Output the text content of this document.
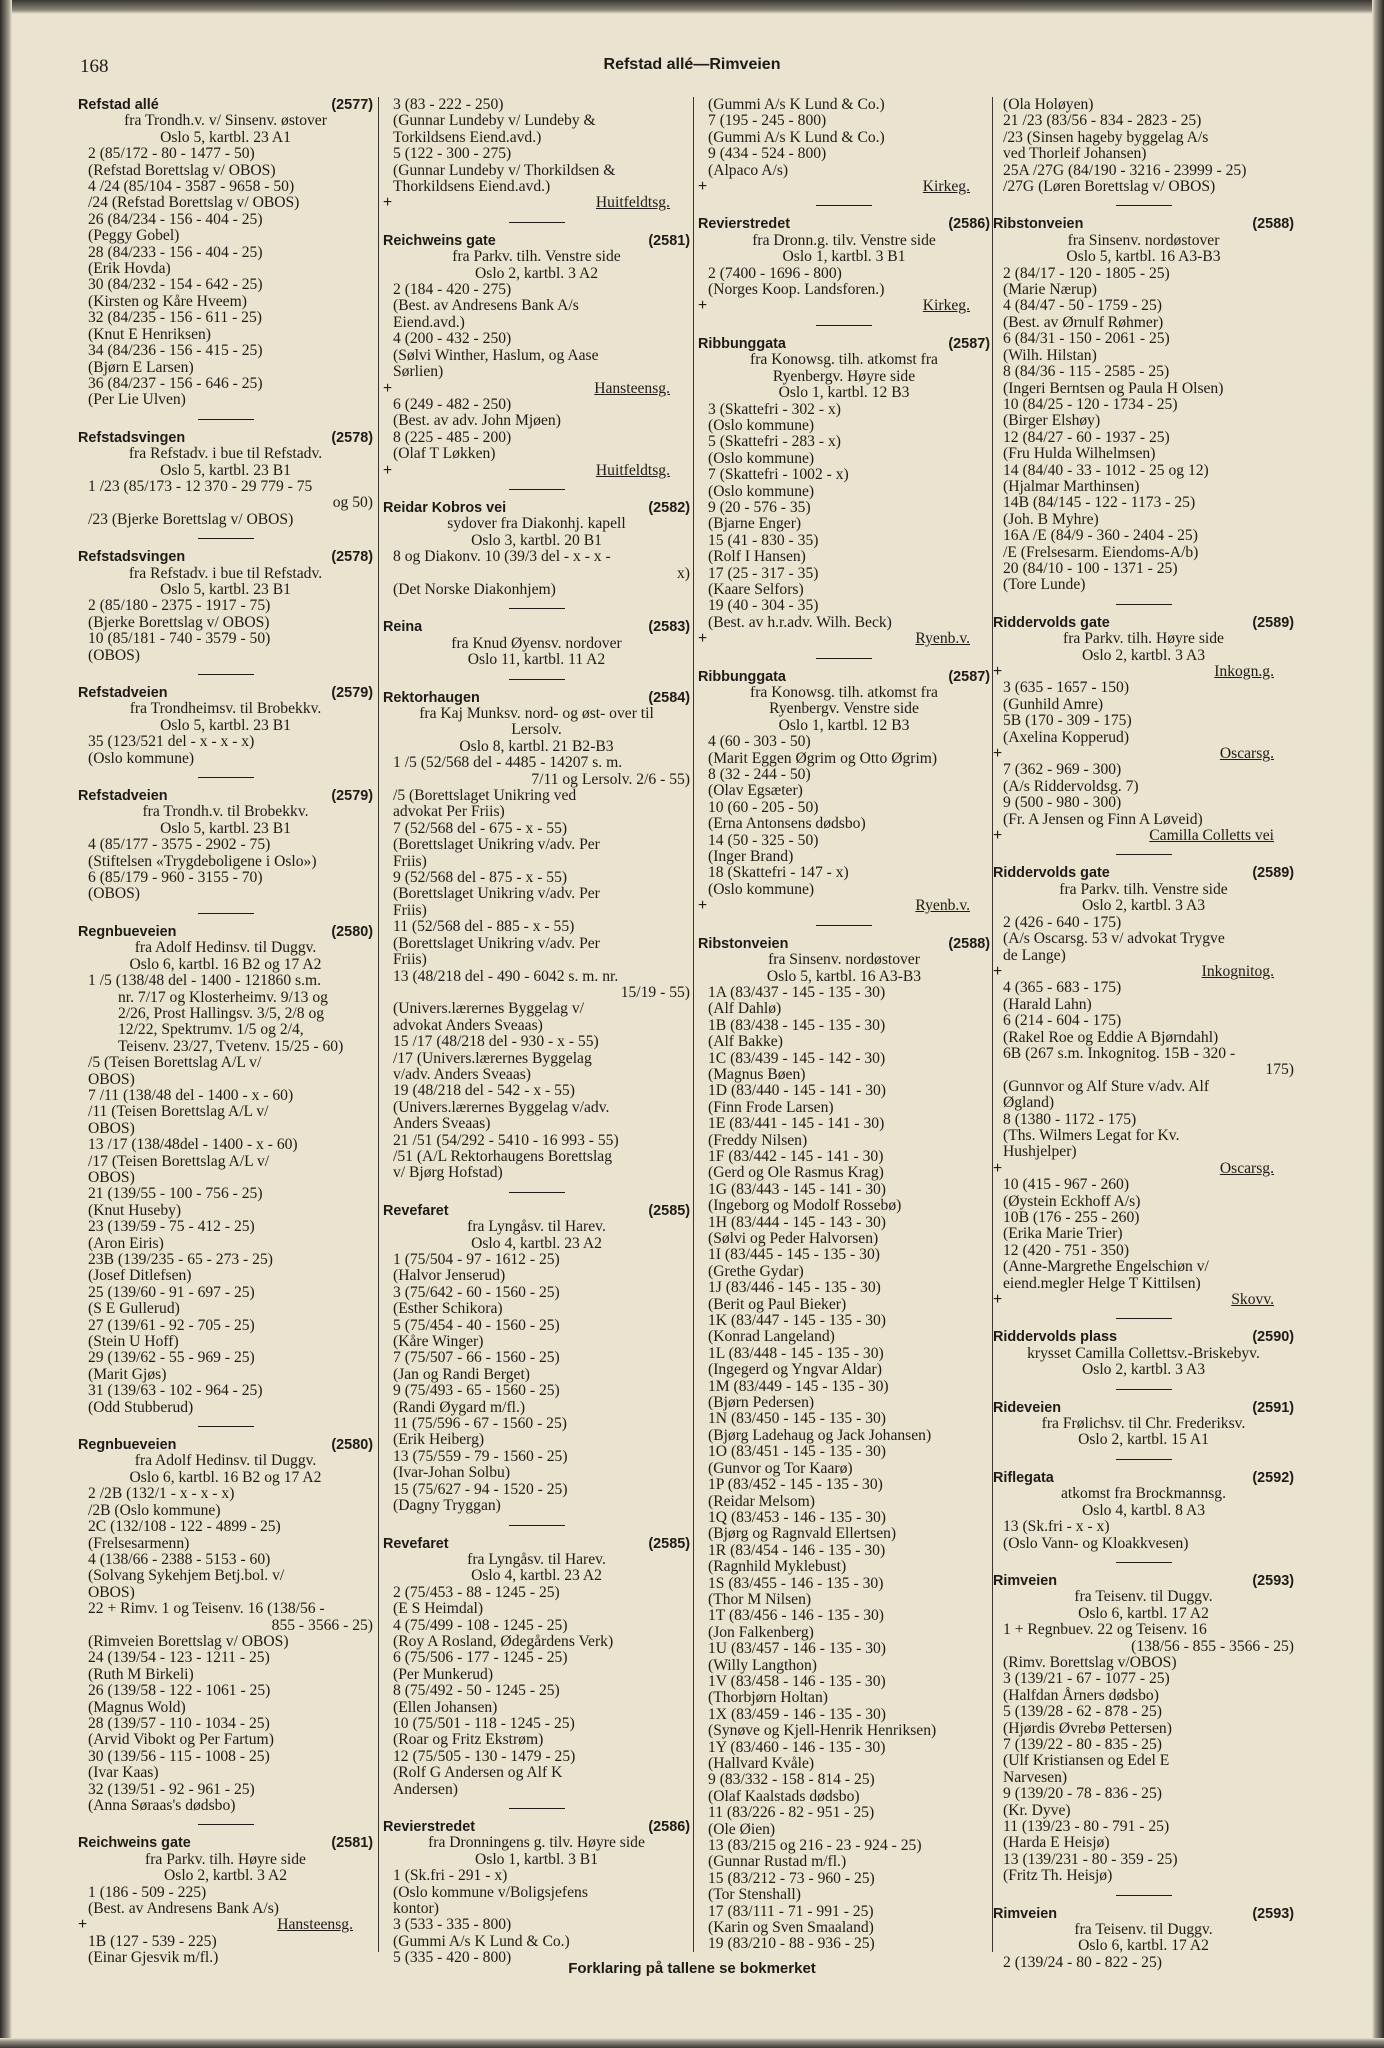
168	Refstad allé—Rimveien
Refstad allé	(2577)
fra Trondh.v. v/ Sinsenv. østover
Oslo 5, kartbl. 23 A1
2 (85/172 - 80 - 1477 - 50)
(Refstad Borettslag v/ OBOS)
4 /24 (85/104 - 3587 - 9658 - 50)
/24 (Refstad Borettslag v/ OBOS)
26 (84/234 - 156 - 404 - 25)
(Peggy Gobel)
28 (84/233 - 156 - 404 - 25)
(Erik Hovda)
30 (84/232 - 154 - 642 - 25)
(Kirsten og Kåre Hveem)
32 (84/235 - 156 - 611 - 25)
(Knut E Henriksen)
34 (84/236 - 156 - 415 - 25)
(Bjørn E Larsen)
36 (84/237 - 156 - 646 - 25)
(Per Lie Ulven)
Refstadsvingen	(2578)
fra Refstadv. i bue til Refstadv.
Oslo 5, kartbl. 23 B1
1 /23 (85/173 - 12 370 - 29 779 - 75
og 50)
/23 (Bjerke Borettslag v/ OBOS)
Refstadsvingen	(2578)
fra Refstadv. i bue til Refstadv.
Oslo 5, kartbl. 23 B1
2 (85/180 - 2375 - 1917 - 75)
(Bjerke Borettslag v/ OBOS)
10 (85/181 - 740 - 3579 - 50)
(OBOS)
Refstadveien	(2579)
fra Trondheimsv. til Brobekkv.
Oslo 5, kartbl. 23 B1
35 (123/521 del - x - x - x)
(Oslo kommune)
Refstadveien	(2579)
fra Trondh.v. til Brobekkv.
Oslo 5, kartbl. 23 B1
4 (85/177 - 3575 - 2902 - 75)
(Stiftelsen «Trygdeboligene i Oslo»)
6 (85/179 - 960 - 3155 - 70)
(OBOS)
Regnbueveien	(2580)
fra Adolf Hedinsv. til Duggv.
Oslo 6, kartbl. 16 B2 og 17 A2
1 /5 (138/48 del - 1400 - 121860 s.m.
nr. 7/17 og Klosterheimv. 9/13 og
2/26, Prost Hallingsv. 3/5, 2/8 og
12/22, Spektrumv. 1/5 og 2/4,
Teisenv. 23/27, Tvetenv. 15/25 - 60)
/5 (Teisen Borettslag A/L v/
OBOS)
7 /11 (138/48 del - 1400 - x - 60)
/11 (Teisen Borettslag A/L v/
OBOS)
13 /17 (138/48del - 1400 - x - 60)
/17 (Teisen Borettslag A/L v/
OBOS)
21 (139/55 - 100 - 756 - 25)
(Knut Huseby)
23 (139/59 - 75 - 412 - 25)
(Aron Eiris)
23B (139/235 - 65 - 273 - 25)
(Josef Ditlefsen)
25 (139/60 - 91 - 697 - 25)
(S E Gullerud)
27 (139/61 - 92 - 705 - 25)
(Stein U Hoff)
29 (139/62 - 55 - 969 - 25)
(Marit Gjøs)
31 (139/63 - 102 - 964 - 25)
(Odd Stubberud)
Regnbueveien	(2580)
fra Adolf Hedinsv. til Duggv.
Oslo 6, kartbl. 16 B2 og 17 A2
2 /2B (132/1 - x - x - x)
/2B (Oslo kommune)
2C (132/108 - 122 - 4899 - 25)
(Frelsesarmenn)
4 (138/66 - 2388 - 5153 - 60)
(Solvang Sykehjem Betj.bol. v/
OBOS)
22 + Rimv. 1 og Teisenv. 16 (138/56 -
855 - 3566 - 25)
(Rimveien Borettslag v/ OBOS)
24 (139/54 - 123 - 1211 - 25)
(Ruth M Birkeli)
26 (139/58 - 122 - 1061 - 25)
(Magnus Wold)
28 (139/57 - 110 - 1034 - 25)
(Arvid Vibokt og Per Fartum)
30 (139/56 - 115 - 1008 - 25)
(Ivar Kaas)
32 (139/51 - 92 - 961 - 25)
(Anna Søraas's dødsbo)
Reichweins gate	(2581)
fra Parkv. tilh. Høyre side
Oslo 2, kartbl. 3 A2
1 (186 - 509 - 225)
(Best. av Andresens Bank A/s)
+	Hansteensg.
1B (127 - 539 - 225)
(Einar Gjesvik m/fl.)
3 (83 - 222 - 250)
(Gunnar Lundeby v/ Lundeby &
Torkildsens Eiend.avd.)
5 (122 - 300 - 275)
(Gunnar Lundeby v/ Thorkildsen &
Thorkildsens Eiend.avd.)
+	Huitfeldtsg.
Reichweins gate	(2581)
fra Parkv. tilh. Venstre side
Oslo 2, kartbl. 3 A2
2 (184 - 420 - 275)
(Best. av Andresens Bank A/s
Eiend.avd.)
4 (200 - 432 - 250)
(Sølvi Winther, Haslum, og Aase
Sørlien)
+	Hansteensg.
6 (249 - 482 - 250)
(Best. av adv. John Mjøen)
8 (225 - 485 - 200)
(Olaf T Løkken)
+	Huitfeldtsg.
Reidar Kobros vei	(2582)
sydover fra Diakonhj. kapell
Oslo 3, kartbl. 20 B1
8 og Diakonv. 10 (39/3 del - x - x -
x)
(Det Norske Diakonhjem)
Reina	(2583)
fra Knud Øyensv. nordover
Oslo 11, kartbl. 11 A2
Rektorhaugen	(2584)
fra Kaj Munksv. nord- og øst- over til
Lersolv.
Oslo 8, kartbl. 21 B2-B3
1 /5 (52/568 del - 4485 - 14207 s. m.
7/11 og Lersolv. 2/6 - 55)
/5 (Borettslaget Unikring ved
advokat Per Friis)
7 (52/568 del - 675 - x - 55)
(Borettslaget Unikring v/adv. Per
Friis)
9 (52/568 del - 875 - x - 55)
(Borettslaget Unikring v/adv. Per
Friis)
11 (52/568 del - 885 - x - 55)
(Borettslaget Unikring v/adv. Per
Friis)
13 (48/218 del - 490 - 6042 s. m. nr.
15/19 - 55)
(Univers.lærernes Byggelag v/
advokat Anders Sveaas)
15 /17 (48/218 del - 930 - x - 55)
/17 (Univers.lærernes Byggelag
v/adv. Anders Sveaas)
19 (48/218 del - 542 - x - 55)
(Univers.lærernes Byggelag v/adv.
Anders Sveaas)
21 /51 (54/292 - 5410 - 16 993 - 55)
/51 (A/L Rektorhaugens Borettslag
v/ Bjørg Hofstad)
Revefaret	(2585)
fra Lyngåsv. til Harev.
Oslo 4, kartbl. 23 A2
1 (75/504 - 97 - 1612 - 25)
(Halvor Jenserud)
3 (75/642 - 60 - 1560 - 25)
(Esther Schikora)
5 (75/454 - 40 - 1560 - 25)
(Kåre Winger)
7 (75/507 - 66 - 1560 - 25)
(Jan og Randi Berget)
9 (75/493 - 65 - 1560 - 25)
(Randi Øygard m/fl.)
11 (75/596 - 67 - 1560 - 25)
(Erik Heiberg)
13 (75/559 - 79 - 1560 - 25)
(Ivar-Johan Solbu)
15 (75/627 - 94 - 1520 - 25)
(Dagny Tryggan)
Revefaret	(2585)
fra Lyngåsv. til Harev.
Oslo 4, kartbl. 23 A2
2 (75/453 - 88 - 1245 - 25)
(E S Heimdal)
4 (75/499 - 108 - 1245 - 25)
(Roy A Rosland, Ødegårdens Verk)
6 (75/506 - 177 - 1245 - 25)
(Per Munkerud)
8 (75/492 - 50 - 1245 - 25)
(Ellen Johansen)
10 (75/501 - 118 - 1245 - 25)
(Roar og Fritz Ekstrøm)
12 (75/505 - 130 - 1479 - 25)
(Rolf G Andersen og Alf K
Andersen)
Revierstredet	(2586)
fra Dronningens g. tilv. Høyre side
Oslo 1, kartbl. 3 B1
1 (Sk.fri - 291 - x)
(Oslo kommune v/Boligsjefens
kontor)
3 (533 - 335 - 800)
(Gummi A/s K Lund & Co.)
5 (335 - 420 - 800)
(Gummi A/s K Lund & Co.)
7 (195 - 245 - 800)
(Gummi A/s K Lund & Co.)
9 (434 - 524 - 800)
(Alpaco A/s)
+	Kirkeg.
Revierstredet	(2586)
fra Dronn.g. tilv. Venstre side
Oslo 1, kartbl. 3 B1
2 (7400 - 1696 - 800)
(Norges Koop. Landsforen.)
+	Kirkeg.
Ribbunggata	(2587)
fra Konowsg. tilh. atkomst fra
Ryenbergv. Høyre side
Oslo 1, kartbl. 12 B3
3 (Skattefri - 302 - x)
(Oslo kommune)
5 (Skattefri - 283 - x)
(Oslo kommune)
7 (Skattefri - 1002 - x)
(Oslo kommune)
9 (20 - 576 - 35)
(Bjarne Enger)
15 (41 - 830 - 35)
(Rolf I Hansen)
17 (25 - 317 - 35)
(Kaare Selfors)
19 (40 - 304 - 35)
(Best. av h.r.adv. Wilh. Beck)
+	Ryenb.v.
Ribbunggata	(2587)
fra Konowsg. tilh. atkomst fra
Ryenbergv. Venstre side
Oslo 1, kartbl. 12 B3
4 (60 - 303 - 50)
(Marit Eggen Øgrim og Otto Øgrim)
8 (32 - 244 - 50)
(Olav Egsæter)
10 (60 - 205 - 50)
(Erna Antonsens dødsbo)
14 (50 - 325 - 50)
(Inger Brand)
18 (Skattefri - 147 - x)
(Oslo kommune)
+	Ryenb.v.
Ribstonveien	(2588)
fra Sinsenv. nordøstover
Oslo 5, kartbl. 16 A3-B3
1A (83/437 - 145 - 135 - 30)
(Alf Dahlø)
1B (83/438 - 145 - 135 - 30)
(Alf Bakke)
1C (83/439 - 145 - 142 - 30)
(Magnus Bøen)
1D (83/440 - 145 - 141 - 30)
(Finn Frode Larsen)
1E (83/441 - 145 - 141 - 30)
(Freddy Nilsen)
1F (83/442 - 145 - 141 - 30)
(Gerd og Ole Rasmus Krag)
1G (83/443 - 145 - 141 - 30)
(Ingeborg og Modolf Rossebø)
1H (83/444 - 145 - 143 - 30)
(Sølvi og Peder Halvorsen)
1I (83/445 - 145 - 135 - 30)
(Grethe Gydar)
1J (83/446 - 145 - 135 - 30)
(Berit og Paul Bieker)
1K (83/447 - 145 - 135 - 30)
(Konrad Langeland)
1L (83/448 - 145 - 135 - 30)
(Ingegerd og Yngvar Aldar)
1M (83/449 - 145 - 135 - 30)
(Bjørn Pedersen)
1N (83/450 - 145 - 135 - 30)
(Bjørg Ladehaug og Jack Johansen)
1O (83/451 - 145 - 135 - 30)
(Gunvor og Tor Kaarø)
1P (83/452 - 145 - 135 - 30)
(Reidar Melsom)
1Q (83/453 - 146 - 135 - 30)
(Bjørg og Ragnvald Ellertsen)
1R (83/454 - 146 - 135 - 30)
(Ragnhild Myklebust)
1S (83/455 - 146 - 135 - 30)
(Thor M Nilsen)
1T (83/456 - 146 - 135 - 30)
(Jon Falkenberg)
1U (83/457 - 146 - 135 - 30)
(Willy Langthon)
1V (83/458 - 146 - 135 - 30)
(Thorbjørn Holtan)
1X (83/459 - 146 - 135 - 30)
(Synøve og Kjell-Henrik Henriksen)
1Y (83/460 - 146 - 135 - 30)
(Hallvard Kvåle)
9 (83/332 - 158 - 814 - 25)
(Olaf Kaalstads dødsbo)
11 (83/226 - 82 - 951 - 25)
(Ole Øien)
13 (83/215 og 216 - 23 - 924 - 25)
(Gunnar Rustad m/fl.)
15 (83/212 - 73 - 960 - 25)
(Tor Stenshall)
17 (83/111 - 71 - 991 - 25)
(Karin og Sven Smaaland)
19 (83/210 - 88 - 936 - 25)
(Ola Holøyen)
21 /23 (83/56 - 834 - 2823 - 25)
/23 (Sinsen hageby byggelag A/s
ved Thorleif Johansen)
25A /27G (84/190 - 3216 - 23999 - 25)
/27G (Løren Borettslag v/ OBOS)
Ribstonveien	(2588)
fra Sinsenv. nordøstover
Oslo 5, kartbl. 16 A3-B3
2 (84/17 - 120 - 1805 - 25)
(Marie Nærup)
4 (84/47 - 50 - 1759 - 25)
(Best. av Ørnulf Røhmer)
6 (84/31 - 150 - 2061 - 25)
(Wilh. Hilstan)
8 (84/36 - 115 - 2585 - 25)
(Ingeri Berntsen og Paula H Olsen)
10 (84/25 - 120 - 1734 - 25)
(Birger Elshøy)
12 (84/27 - 60 - 1937 - 25)
(Fru Hulda Wilhelmsen)
14 (84/40 - 33 - 1012 - 25 og 12)
(Hjalmar Marthinsen)
14B (84/145 - 122 - 1173 - 25)
(Joh. B Myhre)
16A /E (84/9 - 360 - 2404 - 25)
/E (Frelsesarm. Eiendoms-A/b)
20 (84/10 - 100 - 1371 - 25)
(Tore Lunde)
Riddervolds gate	(2589)
fra Parkv. tilh. Høyre side
Oslo 2, kartbl. 3 A3
+	Inkogn.g.
3 (635 - 1657 - 150)
(Gunhild Amre)
5B (170 - 309 - 175)
(Axelina Kopperud)
+	Oscarsg.
7 (362 - 969 - 300)
(A/s Riddervoldsg. 7)
9 (500 - 980 - 300)
(Fr. A Jensen og Finn A Løveid)
+	Camilla Colletts vei
Riddervolds gate	(2589)
fra Parkv. tilh. Venstre side
Oslo 2, kartbl. 3 A3
2 (426 - 640 - 175)
(A/s Oscarsg. 53 v/ advokat Trygve
de Lange)
+	Inkognitog.
4 (365 - 683 - 175)
(Harald Lahn)
6 (214 - 604 - 175)
(Rakel Roe og Eddie A Bjørndahl)
6B (267 s.m. Inkognitog. 15B - 320 -
175)
(Gunnvor og Alf Sture v/adv. Alf
Øgland)
8 (1380 - 1172 - 175)
(Ths. Wilmers Legat for Kv.
Hushjelper)
+	Oscarsg.
10 (415 - 967 - 260)
(Øystein Eckhoff A/s)
10B (176 - 255 - 260)
(Erika Marie Trier)
12 (420 - 751 - 350)
(Anne-Margrethe Engelschiøn v/
eiend.megler Helge T Kittilsen)
+	Skovv.
Riddervolds plass	(2590)
krysset Camilla Collettsv.-Briskebyv.
Oslo 2, kartbl. 3 A3
Rideveien	(2591)
fra Frølichsv. til Chr. Frederiksv.
Oslo 2, kartbl. 15 A1
Riflegata	(2592)
atkomst fra Brockmannsg.
Oslo 4, kartbl. 8 A3
13 (Sk.fri - x - x)
(Oslo Vann- og Kloakkvesen)
Rimveien	(2593)
fra Teisenv. til Duggv.
Oslo 6, kartbl. 17 A2
1 + Regnbuev. 22 og Teisenv. 16
(138/56 - 855 - 3566 - 25)
(Rimv. Borettslag v/OBOS)
3 (139/21 - 67 - 1077 - 25)
(Halfdan Årners dødsbo)
5 (139/28 - 62 - 878 - 25)
(Hjørdis Øvrebø Pettersen)
7 (139/22 - 80 - 835 - 25)
(Ulf Kristiansen og Edel E
Narvesen)
9 (139/20 - 78 - 836 - 25)
(Kr. Dyve)
11 (139/23 - 80 - 791 - 25)
(Harda E Heisjø)
13 (139/231 - 80 - 359 - 25)
(Fritz Th. Heisjø)
Rimveien	(2593)
fra Teisenv. til Duggv.
Oslo 6, kartbl. 17 A2
2 (139/24 - 80 - 822 - 25)
Forklaring på tallene se bokmerket
